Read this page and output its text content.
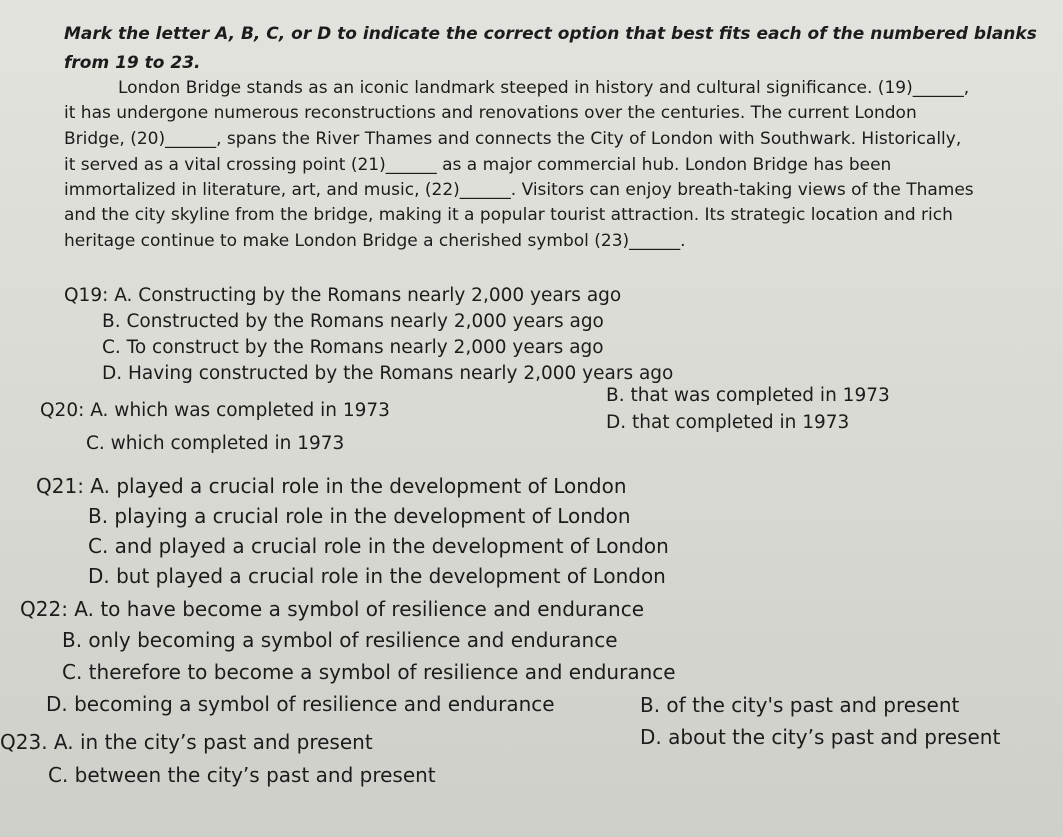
Mark the letter A, B, C, or D to indicate the correct option that best fits each of the numbered blanks
from 19 to 23.
London Bridge stands as an iconic landmark steeped in history and cultural significance. (19)______,
it has undergone numerous reconstructions and renovations over the centuries. The current London
Bridge, (20)______, spans the River Thames and connects the City of London with Southwark. Historically,
it served as a vital crossing point (21)______ as a major commercial hub. London Bridge has been
immortalized in literature, art, and music, (22)______. Visitors can enjoy breath-taking views of the Thames
and the city skyline from the bridge, making it a popular tourist attraction. Its strategic location and rich
heritage continue to make London Bridge a cherished symbol (23)______.
Q19: A. Constructing by the Romans nearly 2,000 years ago
B. Constructed by the Romans nearly 2,000 years ago
C. To construct by the Romans nearly 2,000 years ago
D. Having constructed by the Romans nearly 2,000 years ago
Q20: A. which was completed in 1973
B. that was completed in 1973
C. which completed in 1973
D. that completed in 1973
Q21: A. played a crucial role in the development of London
B. playing a crucial role in the development of London
C. and played a crucial role in the development of London
D. but played a crucial role in the development of London
Q22: A. to have become a symbol of resilience and endurance
B. only becoming a symbol of resilience and endurance
C. therefore to become a symbol of resilience and endurance
D. becoming a symbol of resilience and endurance
Q23. A. in the city’s past and present
B. of the city's past and present
C. between the city’s past and present
D. about the city’s past and present
